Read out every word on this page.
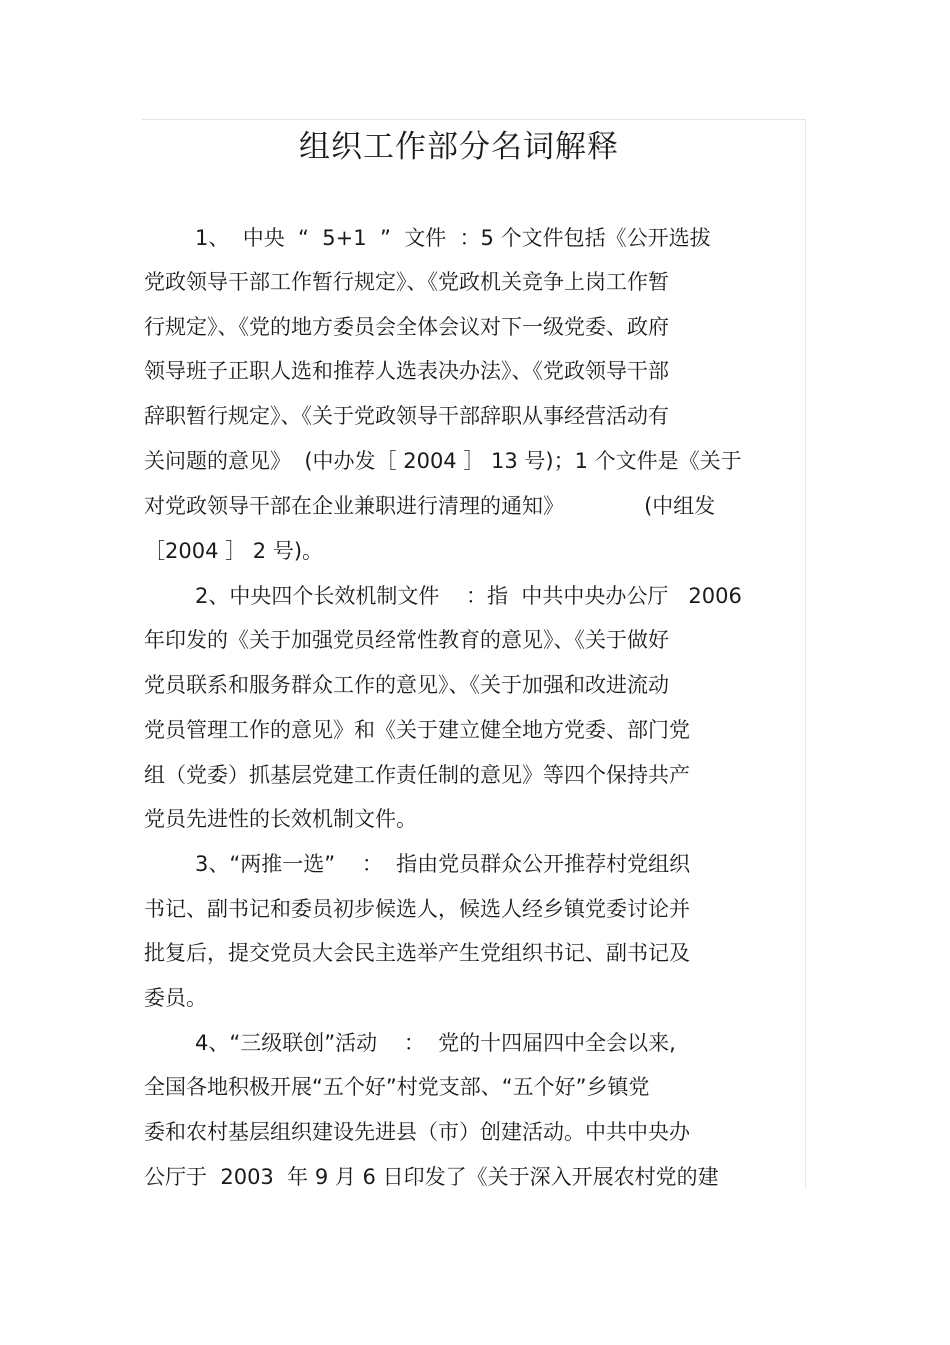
组织工作部分名词解释
1、  中央  “  5+1  ”  文件  ：5 个文件包括《公开选拔
党政领导干部工作暂行规定》、《党政机关竞争上岗工作暂
行规定》、《党的地方委员会全体会议对下一级党委、政府
领导班子正职人选和推荐人选表决办法》、《党政领导干部
辞职暂行规定》、《关于党政领导干部辞职从事经营活动有
关问题的意见》  (中办发［ 2004 ］ 13 号)；1 个文件是《关于
对党政领导干部在企业兼职进行清理的通知》            (中组发
［2004 ］ 2 号)。
2、中央四个长效机制文件    ：指  中共中央办公厅   2006
年印发的《关于加强党员经常性教育的意见》、《关于做好
党员联系和服务群众工作的意见》、《关于加强和改进流动
党员管理工作的意见》和《关于建立健全地方党委、部门党
组（党委）抓基层党建工作责任制的意见》等四个保持共产
党员先进性的长效机制文件。
3、“两推一选”    ：  指由党员群众公开推荐村党组织
书记、副书记和委员初步候选人，候选人经乡镇党委讨论并
批复后，提交党员大会民主选举产生党组织书记、副书记及
委员。
4、“三级联创”活动    ：  党的十四届四中全会以来,
全国各地积极开展“五个好”村党支部、“五个好”乡镇党
委和农村基层组织建设先进县（市）创建活动。中共中央办
公厅于  2003  年 9 月 6 日印发了《关于深入开展农村党的建
